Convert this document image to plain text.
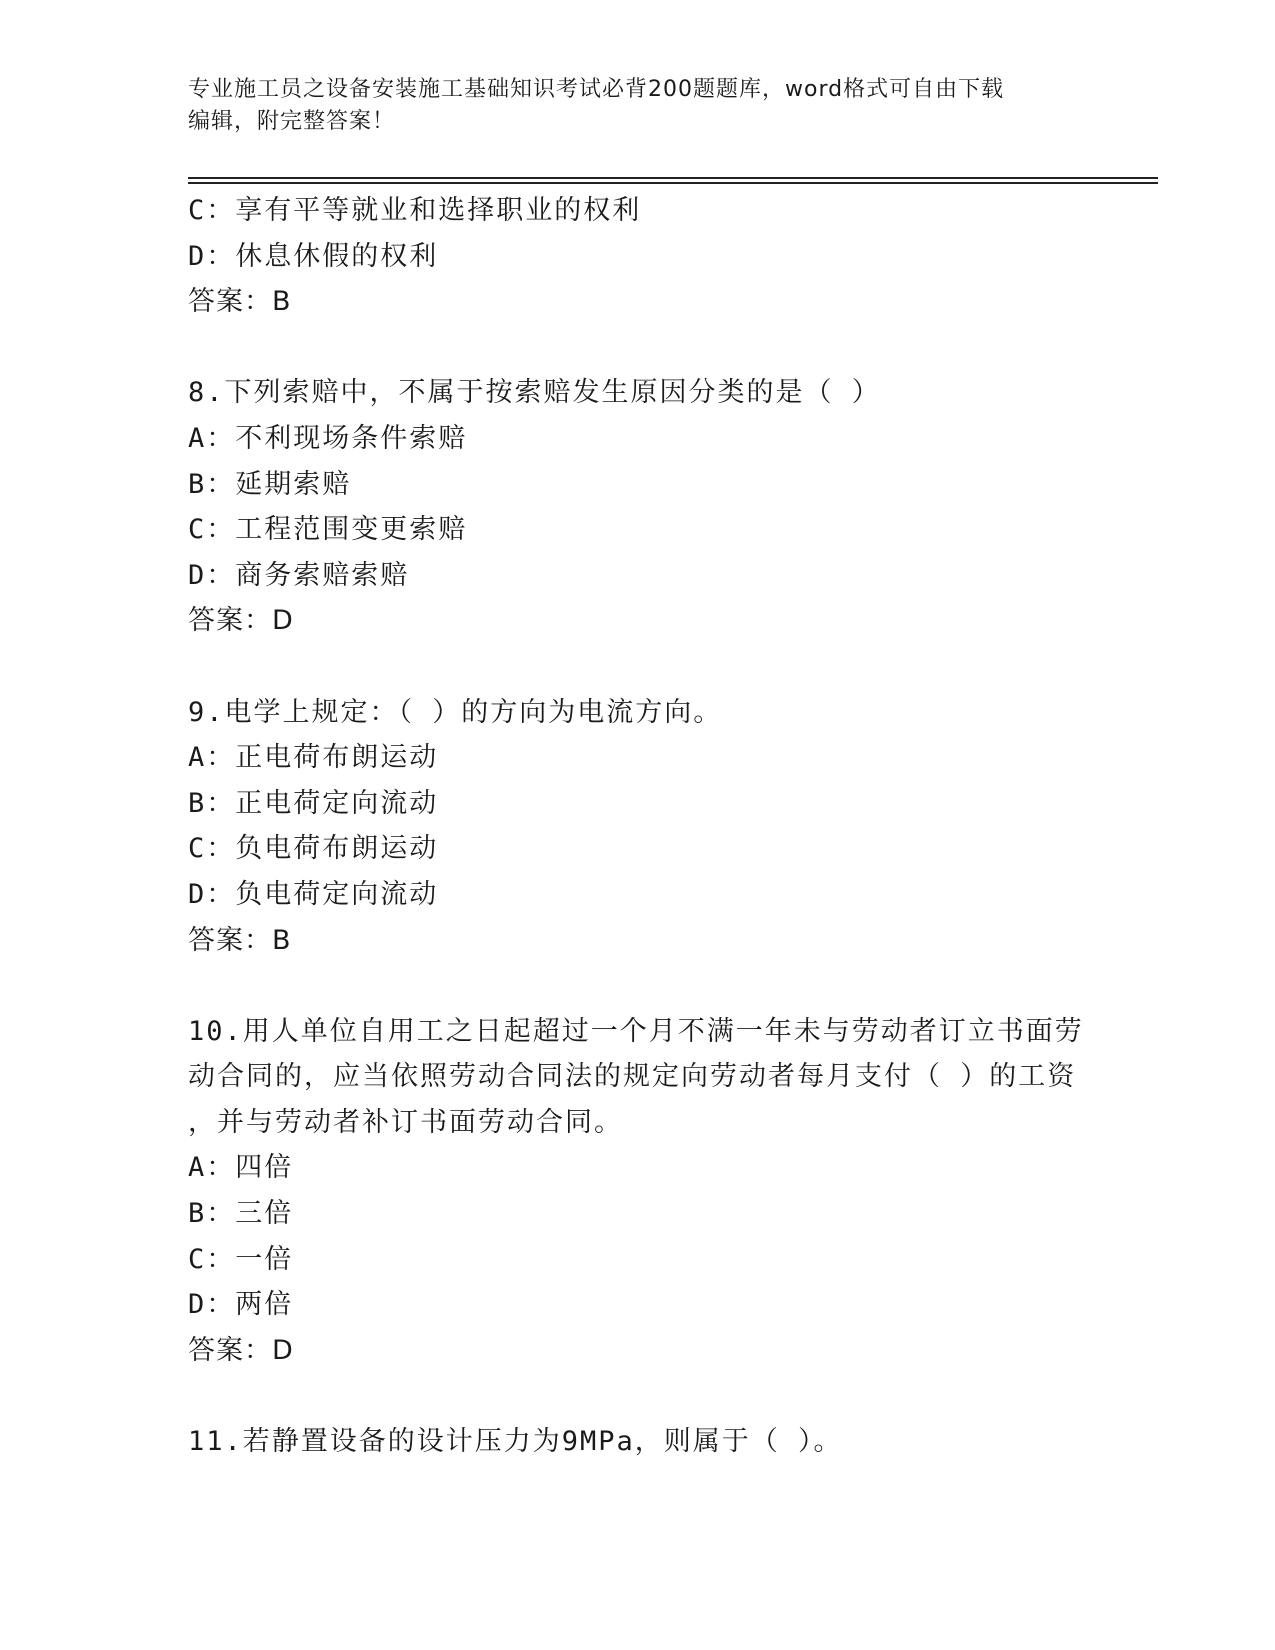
专业施工员之设备安装施工基础知识考试必背200题题库，word格式可自由下载
编辑，附完整答案！
C：享有平等就业和选择职业的权利
D：休息休假的权利
答案：B
8.下列索赔中，不属于按索赔发生原因分类的是（ ）
A：不利现场条件索赔
B：延期索赔
C：工程范围变更索赔
D：商务索赔索赔
答案：D
9.电学上规定：（ ）的方向为电流方向。
A：正电荷布朗运动
B：正电荷定向流动
C：负电荷布朗运动
D：负电荷定向流动
答案：B
10.用人单位自用工之日起超过一个月不满一年未与劳动者订立书面劳
动合同的，应当依照劳动合同法的规定向劳动者每月支付（ ）的工资
，并与劳动者补订书面劳动合同。
A：四倍
B：三倍
C：一倍
D：两倍
答案：D
11.若静置设备的设计压力为9MPa，则属于（ ）。
